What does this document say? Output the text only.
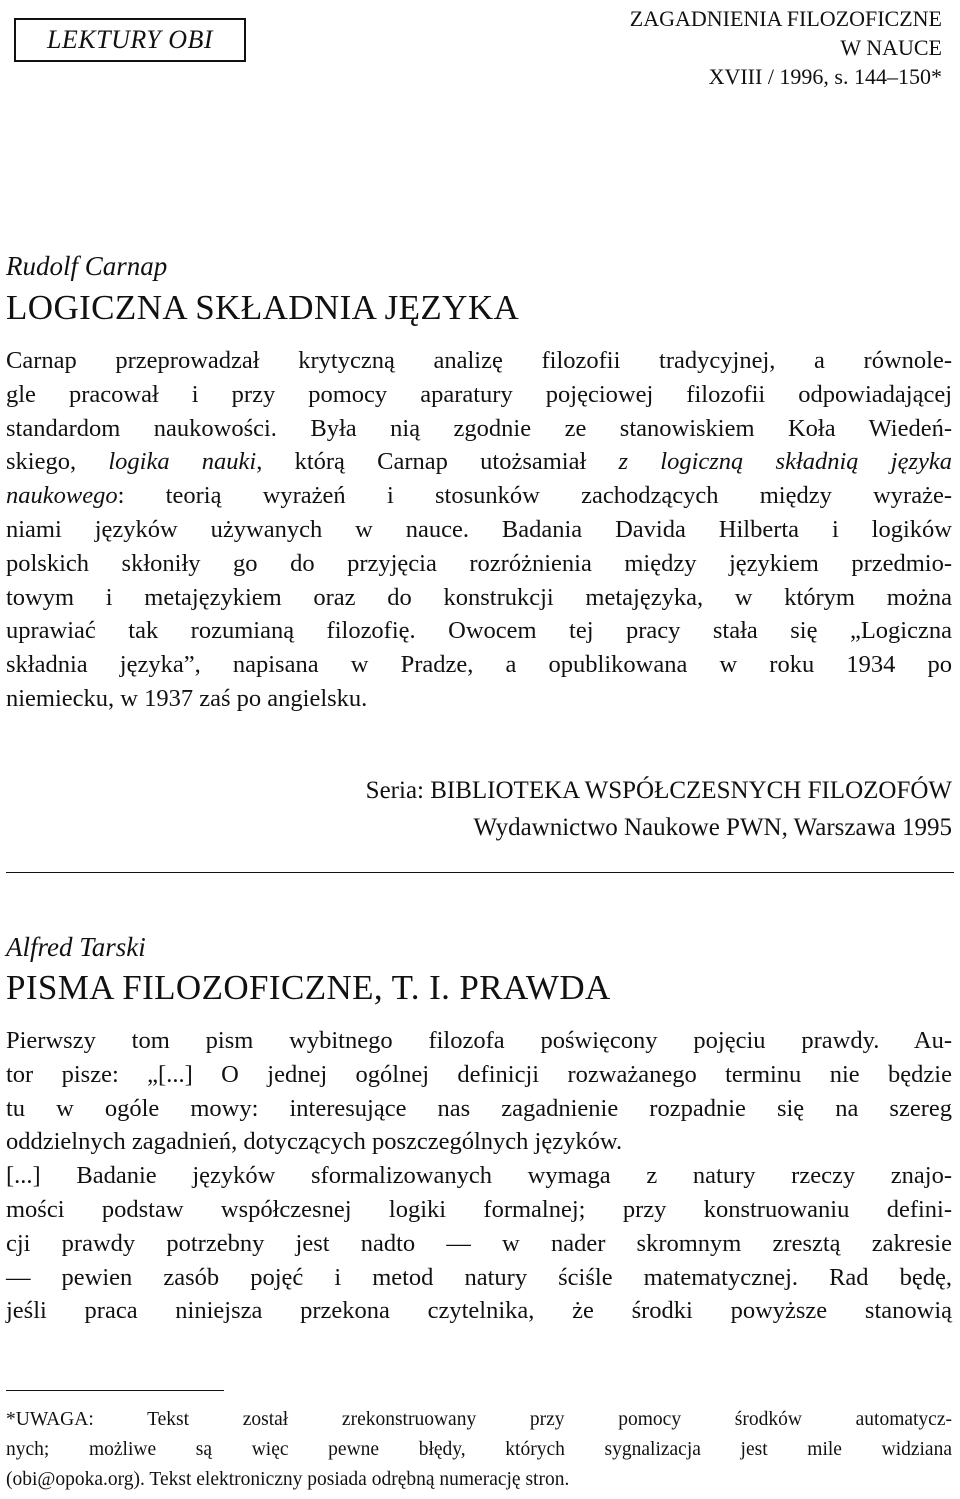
LEKTURY OBI
ZAGADNIENIA FILOZOFICZNE
W NAUCE
XVIII / 1996, s. 144–150*
Rudolf Carnap
LOGICZNA SKŁADNIA JĘZYKA
Carnap przeprowadzał krytyczną analizę filozofii tradycyjnej, a równole-
gle pracował i przy pomocy aparatury pojęciowej filozofii odpowiadającej
standardom naukowości. Była nią zgodnie ze stanowiskiem Koła Wiedeń-
skiego, logika nauki, którą Carnap utożsamiał z logiczną składnią języka
naukowego: teorią wyrażeń i stosunków zachodzących między wyraże-
niami języków używanych w nauce. Badania Davida Hilberta i logików
polskich skłoniły go do przyjęcia rozróżnienia między językiem przedmio-
towym i metajęzykiem oraz do konstrukcji metajęzyka, w którym można
uprawiać tak rozumianą filozofię. Owocem tej pracy stała się „Logiczna
składnia języka”, napisana w Pradze, a opublikowana w roku 1934 po
niemiecku, w 1937 zaś po angielsku.
Seria: BIBLIOTEKA WSPÓŁCZESNYCH FILOZOFÓW
Wydawnictwo Naukowe PWN, Warszawa 1995
Alfred Tarski
PISMA FILOZOFICZNE, T. I. PRAWDA
Pierwszy tom pism wybitnego filozofa poświęcony pojęciu prawdy. Au-
tor pisze: „[...] O jednej ogólnej definicji rozważanego terminu nie będzie
tu w ogóle mowy: interesujące nas zagadnienie rozpadnie się na szereg
oddzielnych zagadnień, dotyczących poszczególnych języków.
[...] Badanie języków sformalizowanych wymaga z natury rzeczy znajo-
mości podstaw współczesnej logiki formalnej; przy konstruowaniu defini-
cji prawdy potrzebny jest nadto — w nader skromnym zresztą zakresie
— pewien zasób pojęć i metod natury ściśle matematycznej. Rad będę,
jeśli praca niniejsza przekona czytelnika, że środki powyższe stanowią
*UWAGA: Tekst został zrekonstruowany przy pomocy środków automatycz-
nych; możliwe są więc pewne błędy, których sygnalizacja jest mile widziana
(obi@opoka.org). Tekst elektroniczny posiada odrębną numerację stron.
